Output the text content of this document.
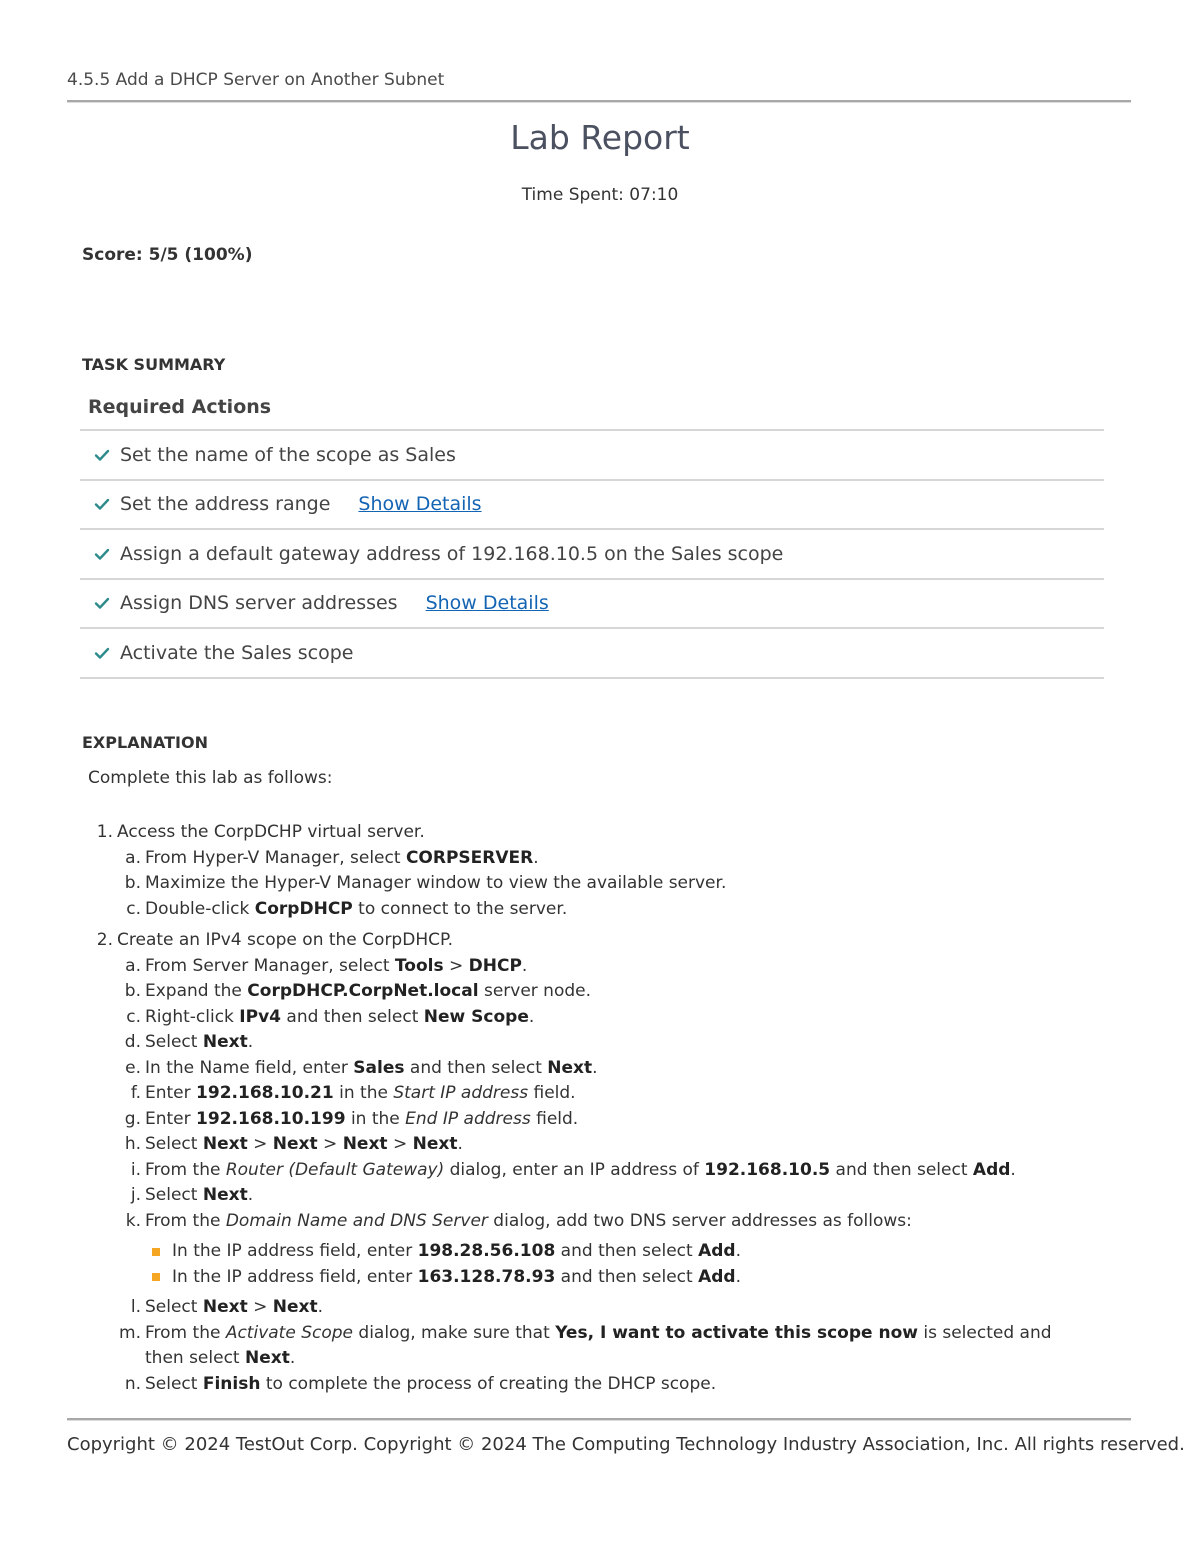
4.5.5 Add a DHCP Server on Another Subnet
Lab Report
Time Spent: 07:10
Score: 5/5 (100%)
TASK SUMMARY
Required Actions
Set the name of the scope as Sales
Set the address range Show Details
Assign a default gateway address of 192.168.10.5 on the Sales scope
Assign DNS server addresses Show Details
Activate the Sales scope
EXPLANATION
Complete this lab as follows:
1. Access the CorpDCHP virtual server.
a. From Hyper-V Manager, select CORPSERVER.
b. Maximize the Hyper-V Manager window to view the available server.
c. Double-click CorpDHCP to connect to the server.
2. Create an IPv4 scope on the CorpDHCP.
a. From Server Manager, select Tools > DHCP.
b. Expand the CorpDHCP.CorpNet.local server node.
c. Right-click IPv4 and then select New Scope.
d. Select Next.
e. In the Name field, enter Sales and then select Next.
f. Enter 192.168.10.21 in the Start IP address field.
g. Enter 192.168.10.199 in the End IP address field.
h. Select Next > Next > Next > Next.
i. From the Router (Default Gateway) dialog, enter an IP address of 192.168.10.5 and then select Add.
j. Select Next.
k. From the Domain Name and DNS Server dialog, add two DNS server addresses as follows:
In the IP address field, enter 198.28.56.108 and then select Add.
In the IP address field, enter 163.128.78.93 and then select Add.
l. Select Next > Next.
m. From the Activate Scope dialog, make sure that Yes, I want to activate this scope now is selected and then select Next.
n. Select Finish to complete the process of creating the DHCP scope.
Copyright © 2024 TestOut Corp. Copyright © 2024 The Computing Technology Industry Association, Inc. All rights reserved.
